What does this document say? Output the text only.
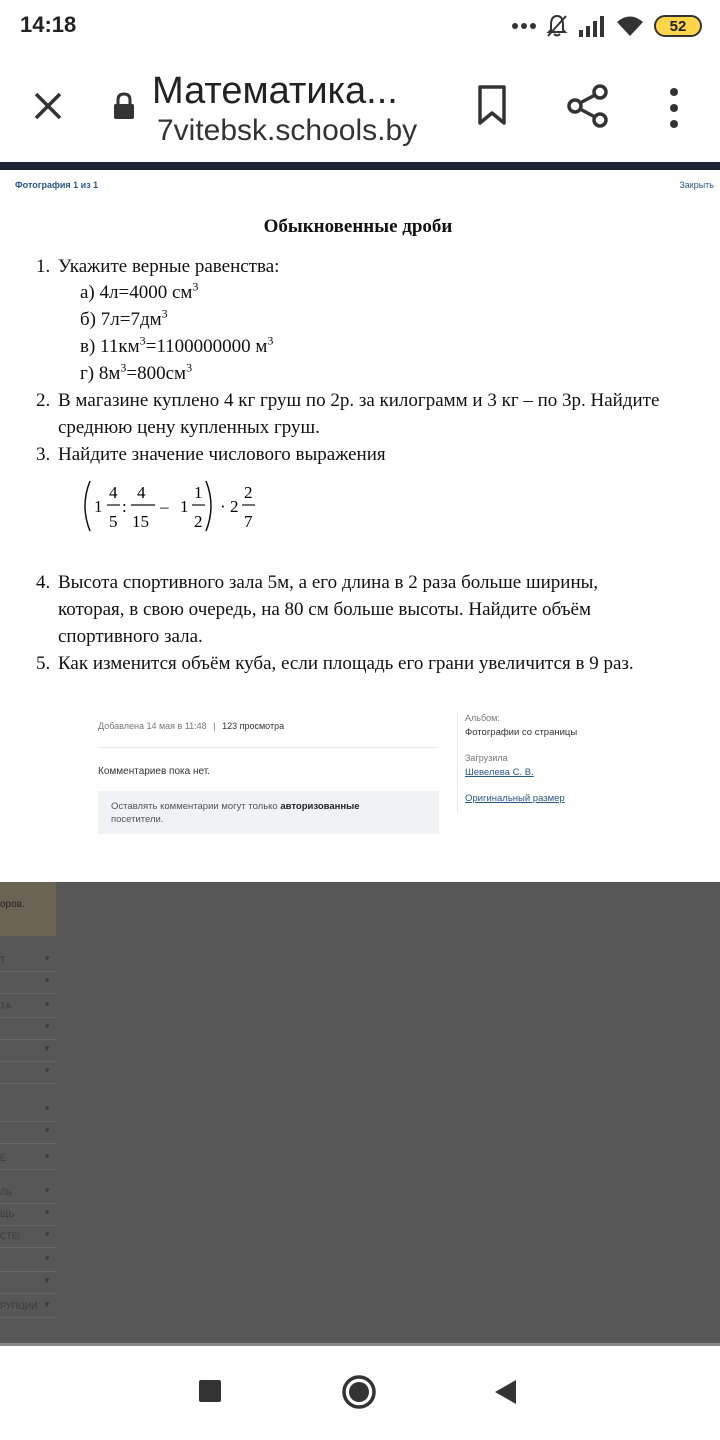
14:18	52
Математика...
7vitebsk.schools.by
Фотография 1 из 1	Закрыть
Обыкновенные дроби
1. Укажите верные равенства:
а) 4л=4000 $см^3$
б) $7л=7дм^3$
в) $11км^3=1100000000$ $м^3$
г) $8м^3=800см^3$
2. В магазине куплено 4 кг груш по 2р. за килограмм и 3 кг – по 3р. Найдите
среднюю цену купленных груш.
3. Найдите значение числового выражения
1
4
5
:
4
15
– 1
1
2
· 2
2
7
4. Высота спортивного зала 5м, а его длина в 2 раза больше ширины,
которая, в свою очередь, на 80 см больше высоты. Найдите объём
спортивного зала.
5. Как изменится объём куба, если площадь его грани увеличится в 9 раз.
Добавлена 14 мая в 11:48 | 123 просмотра
Комментариев пока нет.
Оставлять комментарии могут только авторизованные
посетители.
Альбом:
Фотографии со страницы
Загрузила
Шевелева С. В.
Оригинальный размер
оров.
Т	▼
▼
ТА	▼
▼
▼
▼
▼
▼
Е	▼
ЛЬ	▼
ЩЬ	▼
СТЕ!	▼
▼
▼
РУПЦИИ ▼
